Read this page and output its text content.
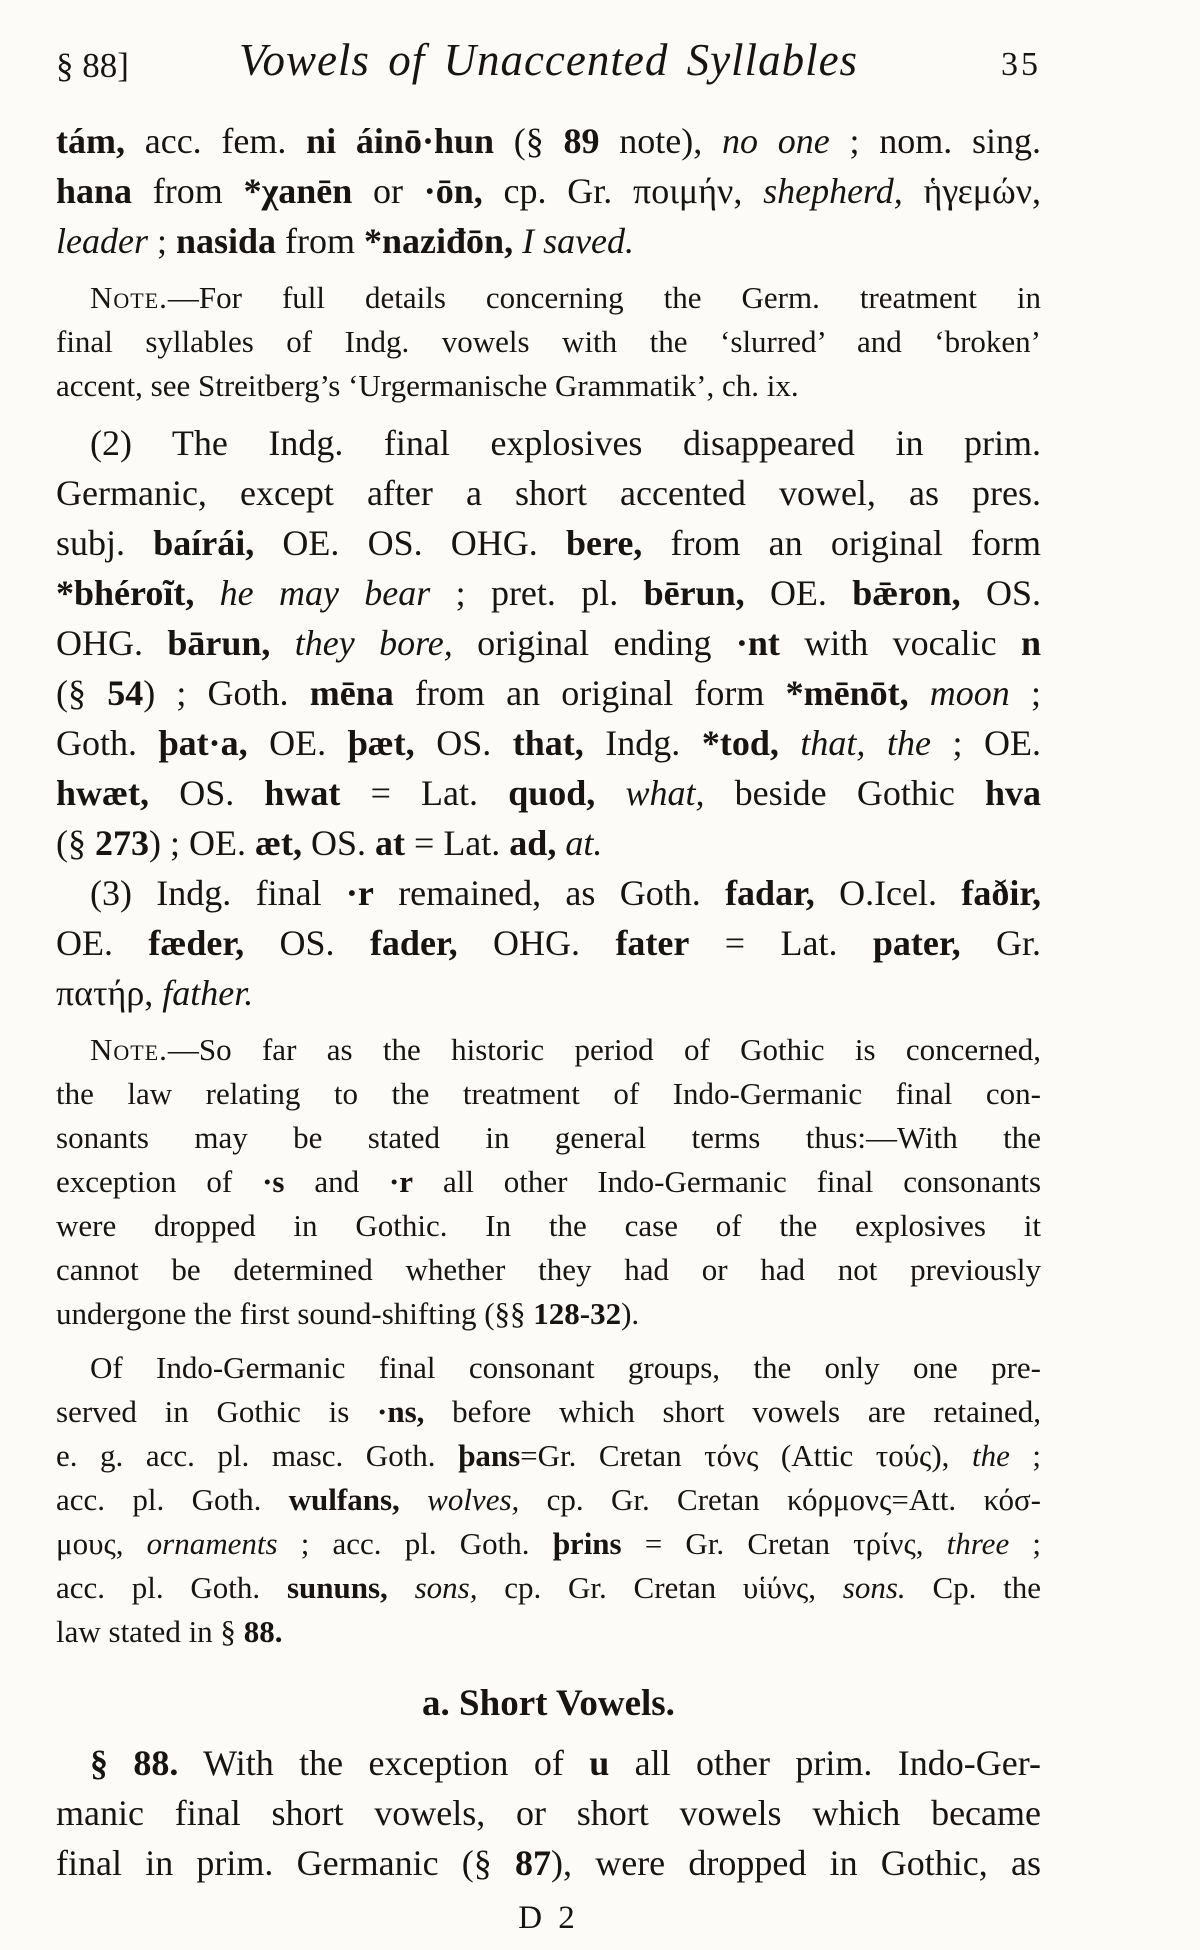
§ 88]	Vowels of Unaccented Syllables	35
tám, acc. fem. ni áinō·hun (§ 89 note), no one ; nom. sing.
hana from *χanēn or ·ōn, cp. Gr. ποιμήν, shepherd, ἡγεμών,
leader ; nasida from *naziđōn, I saved.
Note.—For full details concerning the Germ. treatment in
final syllables of Indg. vowels with the ‘slurred’ and ‘broken’
accent, see Streitberg’s ‘Urgermanische Grammatik’, ch. ix.
(2) The Indg. final explosives disappeared in prim.
Germanic, except after a short accented vowel, as pres.
subj. baírái, OE. OS. OHG. bere, from an original form
*bhéroĩt, he may bear ; pret. pl. bērun, OE. bǣron, OS.
OHG. bārun, they bore, original ending ·nt with vocalic n
(§ 54) ; Goth. mēna from an original form *mēnōt, moon ;
Goth. þat·a, OE. þæt, OS. that, Indg. *tod, that, the ; OE.
hwæt, OS. hwat = Lat. quod, what, beside Gothic hva
(§ 273) ; OE. æt, OS. at = Lat. ad, at.
(3) Indg. final ·r remained, as Goth. fadar, O.Icel. faðir,
OE. fæder, OS. fader, OHG. fater = Lat. pater, Gr.
πατήρ, father.
Note.—So far as the historic period of Gothic is concerned,
the law relating to the treatment of Indo-Germanic final con-
sonants may be stated in general terms thus:—With the
exception of ·s and ·r all other Indo-Germanic final consonants
were dropped in Gothic. In the case of the explosives it
cannot be determined whether they had or had not previously
undergone the first sound-shifting (§§ 128-32).
Of Indo-Germanic final consonant groups, the only one pre-
served in Gothic is ·ns, before which short vowels are retained,
e. g. acc. pl. masc. Goth. þans=Gr. Cretan τόνς (Attic τούς), the ;
acc. pl. Goth. wulfans, wolves, cp. Gr. Cretan κόρμονς=Att. κόσ-
μους, ornaments ; acc. pl. Goth. þrins = Gr. Cretan τρίνς, three ;
acc. pl. Goth. sununs, sons, cp. Gr. Cretan υἱύνς, sons. Cp. the
law stated in § 88.
a. Short Vowels.
§ 88. With the exception of u all other prim. Indo-Ger-
manic final short vowels, or short vowels which became
final in prim. Germanic (§ 87), were dropped in Gothic, as
D 2
